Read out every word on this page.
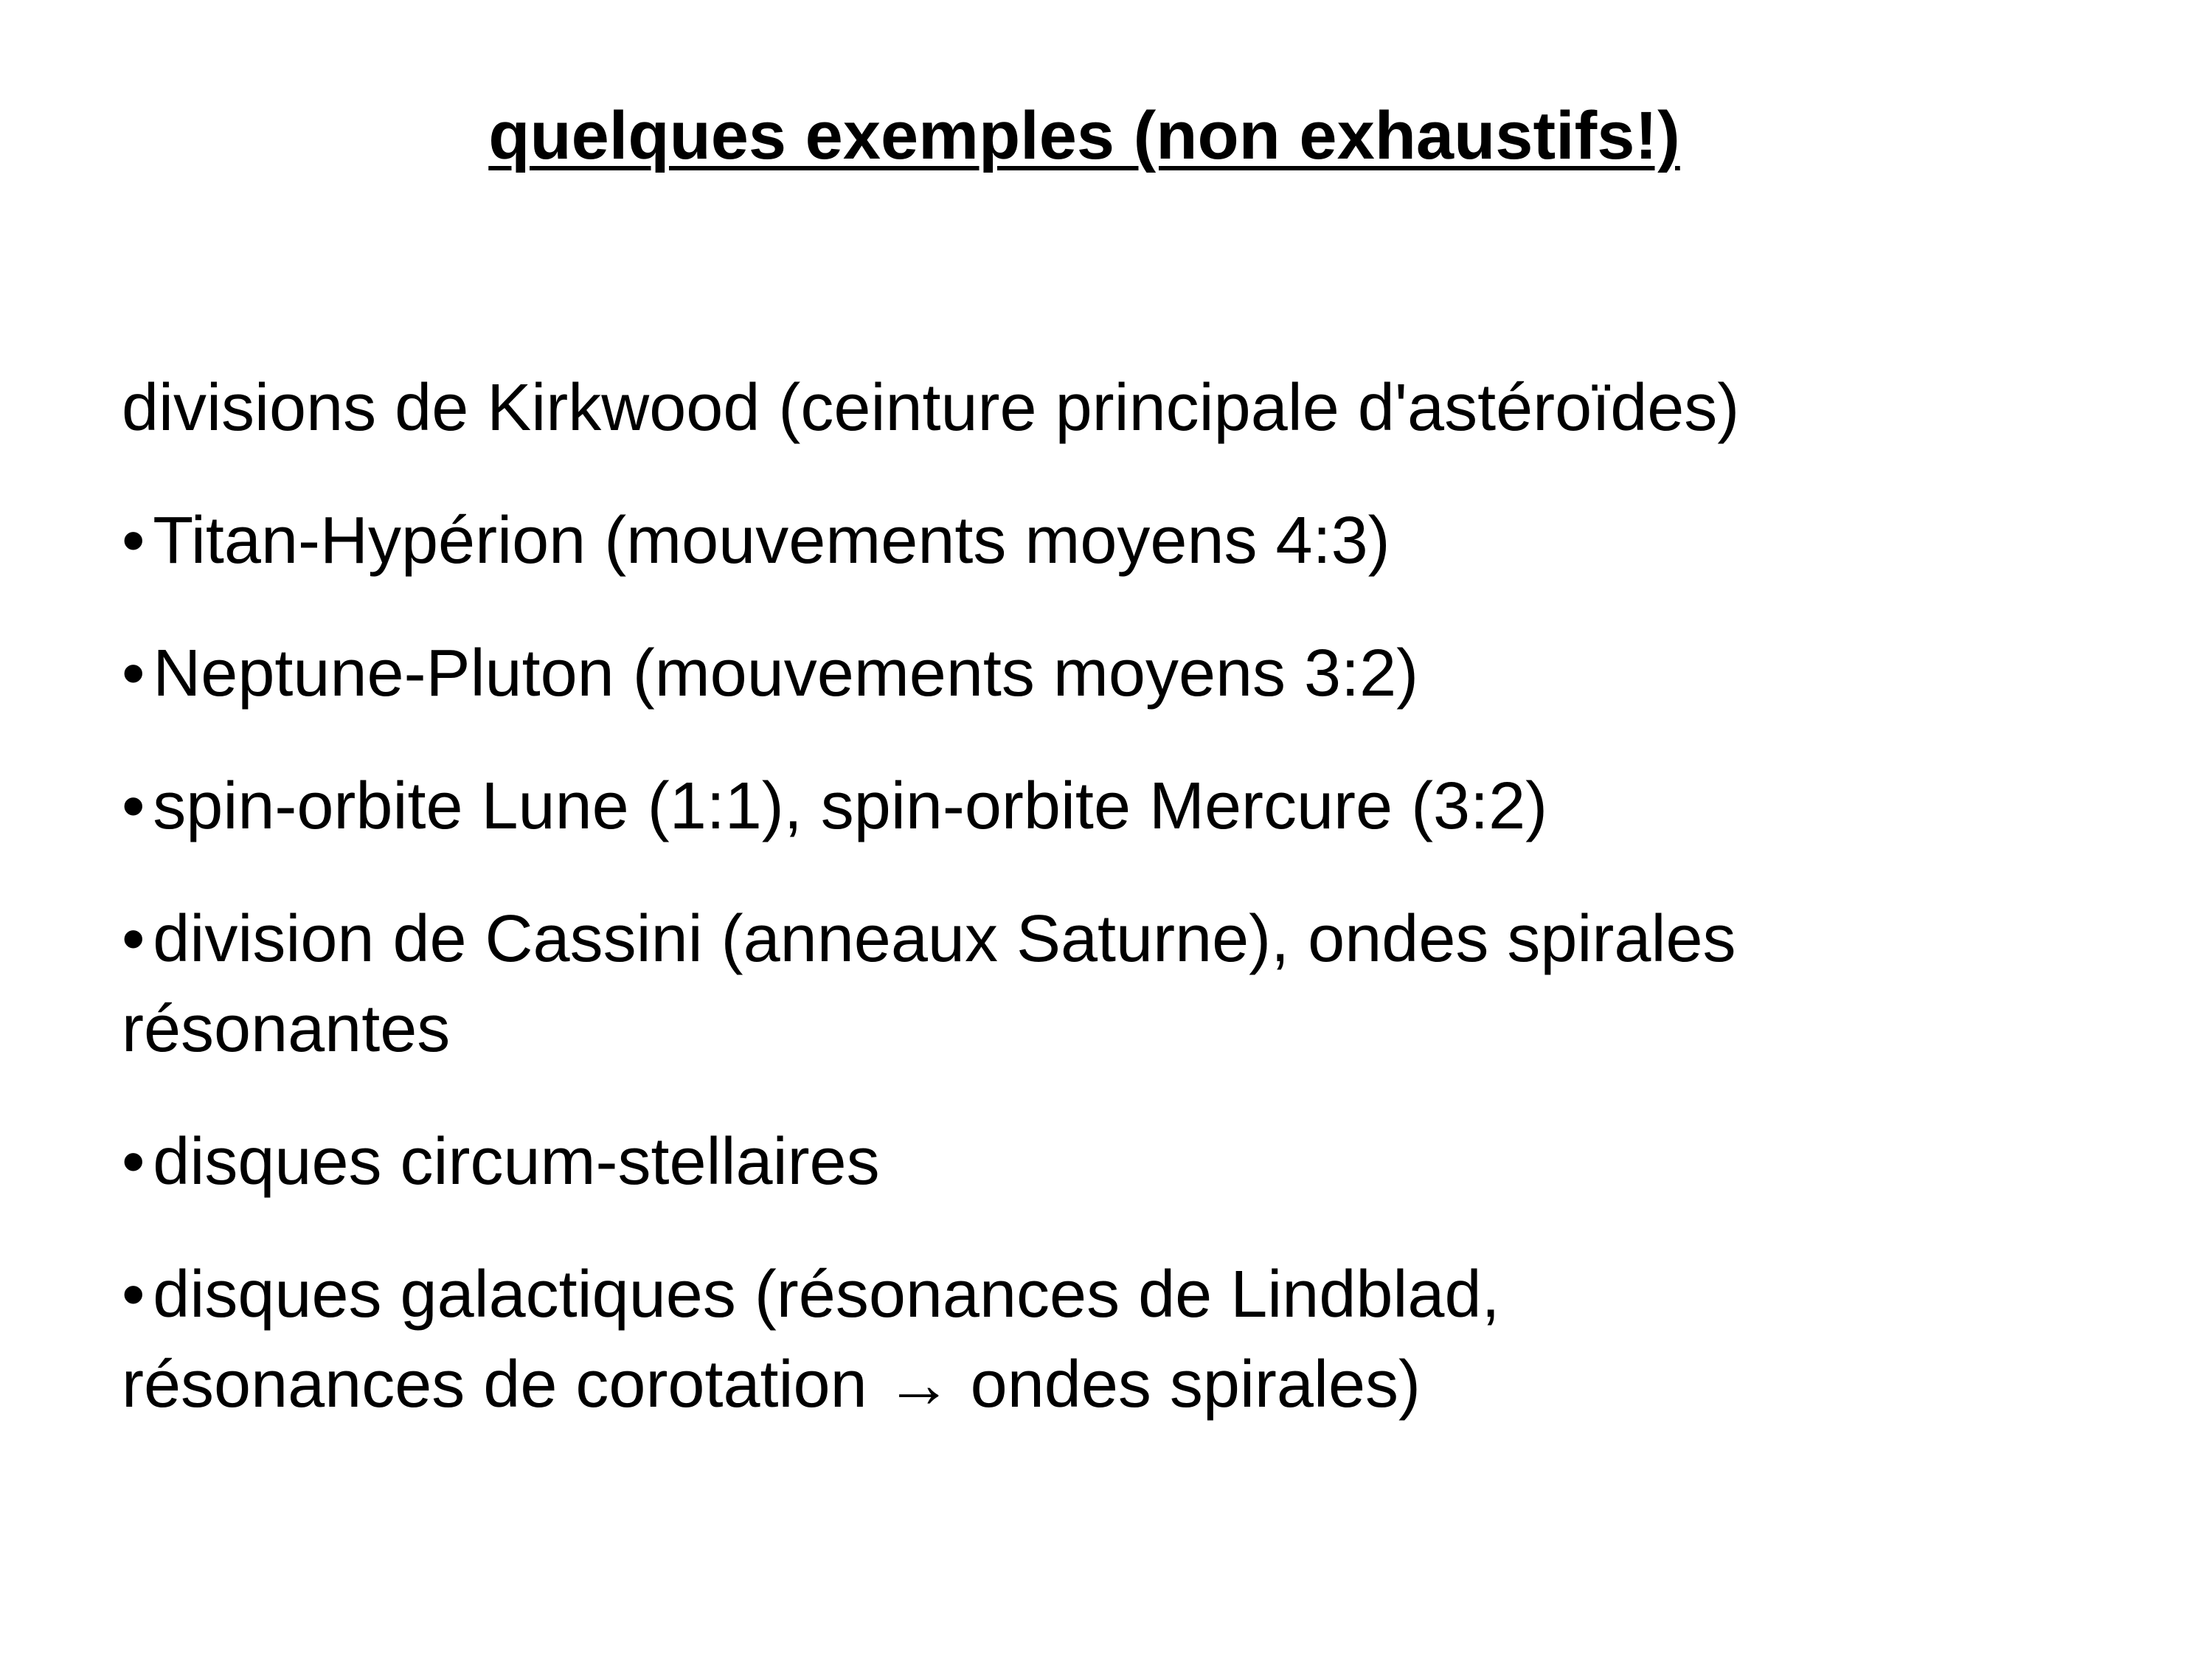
quelques exemples (non exhaustifs!)

divisions de Kirkwood (ceinture principale d'astéroïdes)

• Titan-Hypérion (mouvements moyens 4:3)
• Neptune-Pluton (mouvements moyens 3:2)
• spin-orbite Lune (1:1), spin-orbite Mercure (3:2)
• division de Cassini (anneaux Saturne), ondes spirales
résonantes
• disques circum-stellaires
• disques galactiques (résonances de Lindblad,
résonances de corotation → ondes spirales)
